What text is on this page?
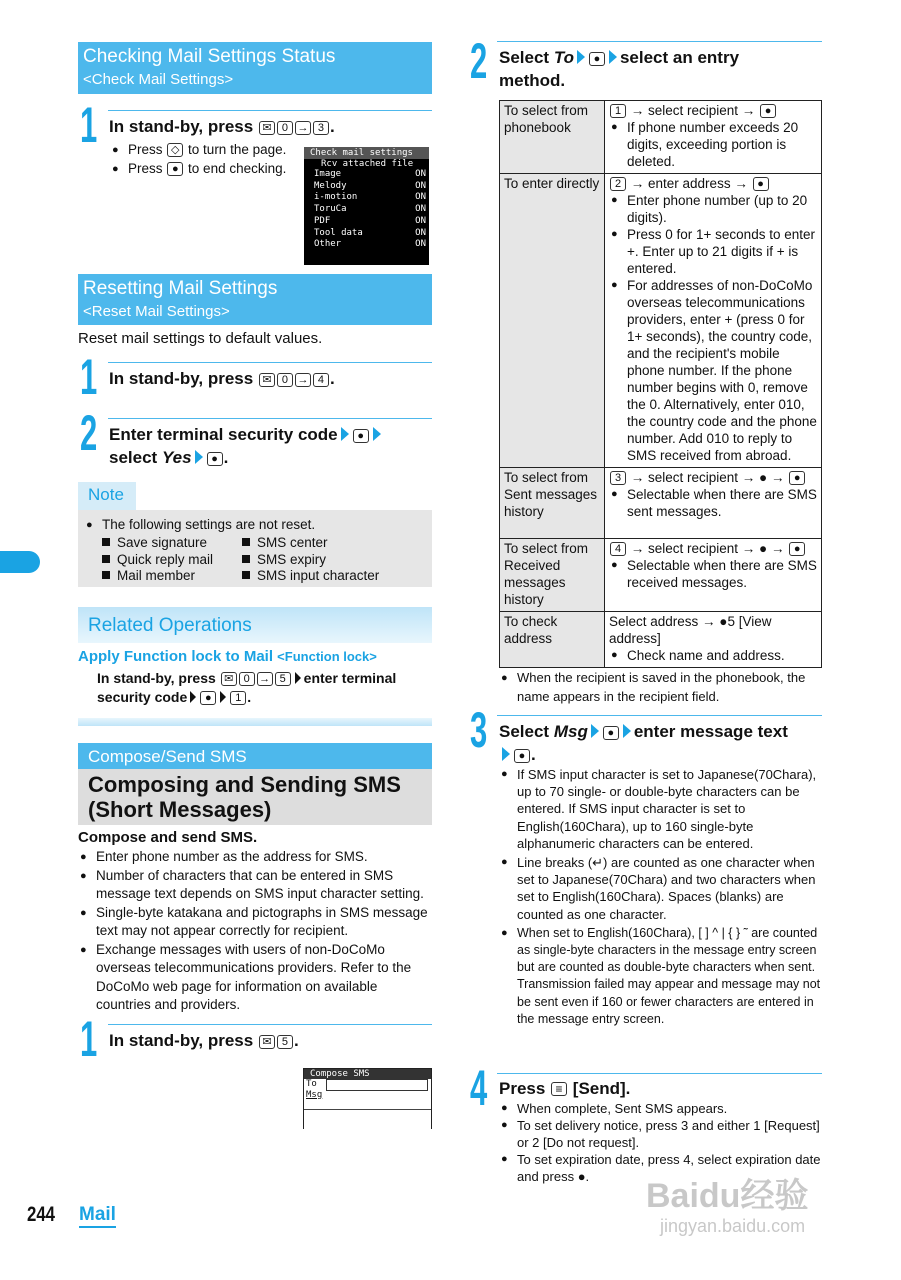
Checking Mail Settings Status
<Check Mail Settings>
1 In stand-by, press ✉ 0 → 3 .
● Press ◇ to turn the page.
● Press ● to end checking.
Check mail settings
Rcv attached file
Image	ON
Melody	ON
i-motion	ON
ToruCa	ON
PDF	ON
Tool data	ON
Other	ON
Resetting Mail Settings
<Reset Mail Settings>
Reset mail settings to default values.
1 In stand-by, press ✉ 0 → 4 .
2 Enter terminal security code ●
select Yes ● .
Note
● The following settings are not reset.
Save signature
Quick reply mail
Mail member
SMS center
SMS expiry
SMS input character
Related Operations
Apply Function lock to Mail <Function lock>
In stand-by, press ✉ 0 → 5 enter terminal
security code ● 1 .
Compose/Send SMS
Composing and Sending SMS
(Short Messages)
Compose and send SMS.
● Enter phone number as the address for SMS.
● Number of characters that can be entered in SMS message text depends on SMS input character setting.
● Single-byte katakana and pictographs in SMS message text may not appear correctly for recipient.
● Exchange messages with users of non-DoCoMo overseas telecommunications providers. Refer to the DoCoMo web page for information on available countries and providers.
1 In stand-by, press ✉ 5 .
Compose SMS
To
Msg
244 Mail
2 Select To ● select an entry
method.
To select from phonebook	1 → select recipient → ●
● If phone number exceeds 20 digits, exceeding portion is deleted.

To enter directly	2 → enter address → ●
● Enter phone number (up to 20 digits).
● Press 0 for 1+ seconds to enter +. Enter up to 21 digits if + is entered.
● For addresses of non-DoCoMo overseas telecommunications providers, enter + (press 0 for 1+ seconds), the country code, and the recipient's mobile phone number. If the phone number begins with 0, remove the 0. Alternatively, enter 010, the country code and the phone number. Add 010 to reply to SMS received from abroad.

To select from Sent messages history	3 → select recipient → ● → ●
● Selectable when there are SMS sent messages.

To select from Received messages history	4 → select recipient → ● → ●
● Selectable when there are SMS received messages.

To check address	Select address → ●5 [View address]
● Check name and address.
● When the recipient is saved in the phonebook, the name appears in the recipient field.
3 Select Msg ● enter message text
● .
● If SMS input character is set to Japanese(70Chara), up to 70 single- or double-byte characters can be entered. If SMS input character is set to English(160Chara), up to 160 single-byte alphanumeric characters can be entered.
● Line breaks (↵) are counted as one character when set to Japanese(70Chara) and two characters when set to English(160Chara). Spaces (blanks) are counted as one character.
● When set to English(160Chara), [ ] ^ | { } ˜ are counted as single-byte characters in the message entry screen but are counted as double-byte characters when sent. Transmission failed may appear and message may not be sent even if 160 or fewer characters are entered in the message entry screen.
4 Press ≡ [Send].
● When complete, Sent SMS appears.
● To set delivery notice, press 3 and either 1 [Request] or 2 [Do not request].
● To set expiration date, press 4, select expiration date and press ●.
Baidu经验
jingyan.baidu.com
